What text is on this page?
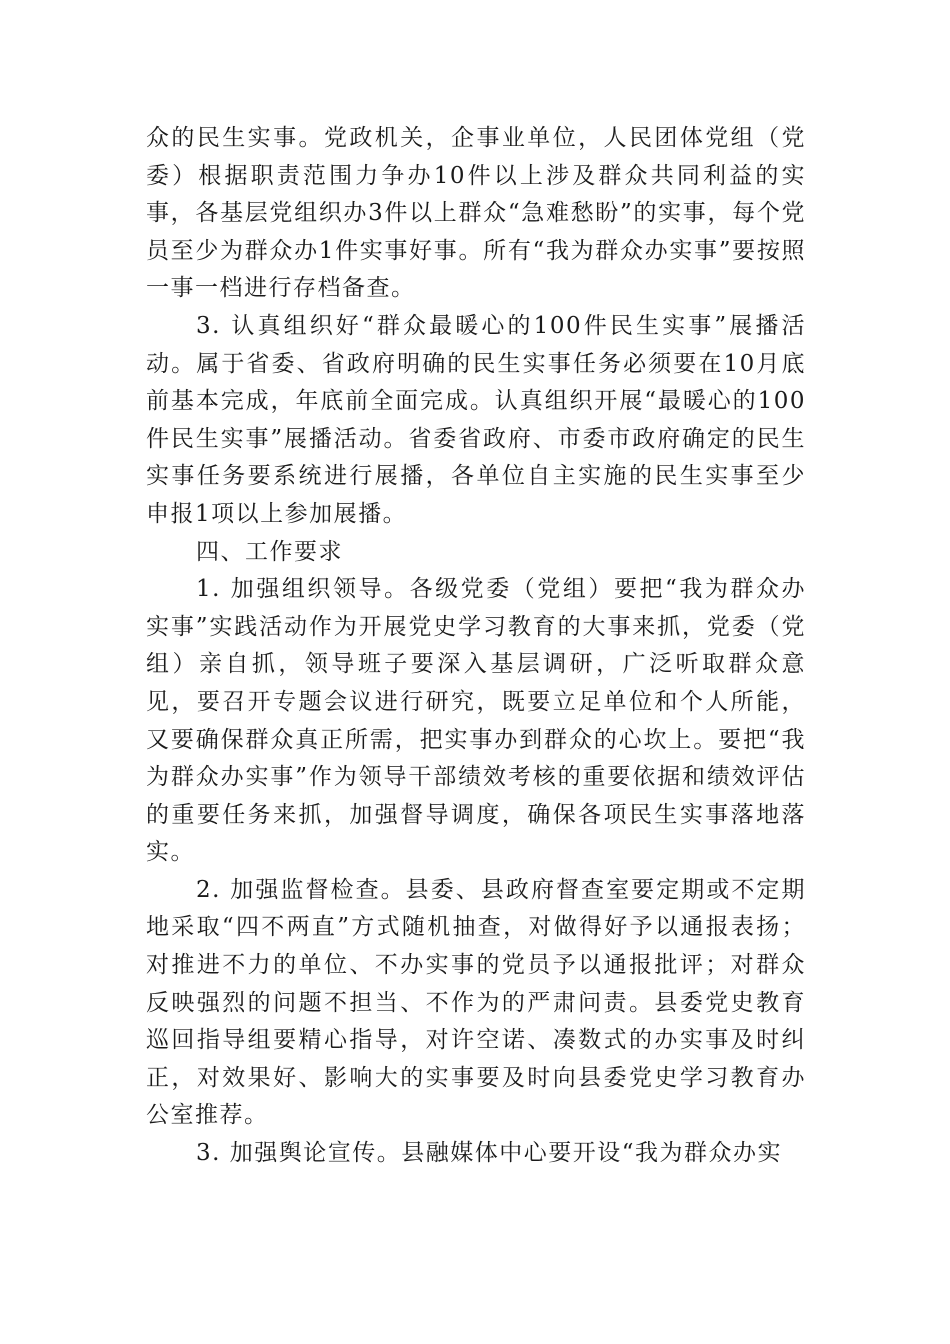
众的民生实事。党政机关，企事业单位，人民团体党组（党委）根据职责范围力争办10件以上涉及群众共同利益的实事，各基层党组织办3件以上群众“急难愁盼”的实事，每个党员至少为群众办1件实事好事。所有“我为群众办实事”要按照一事一档进行存档备查。

3. 认真组织好“群众最暖心的100件民生实事”展播活动。属于省委、省政府明确的民生实事任务必须要在10月底前基本完成，年底前全面完成。认真组织开展“最暖心的100件民生实事”展播活动。省委省政府、市委市政府确定的民生实事任务要系统进行展播，各单位自主实施的民生实事至少申报1项以上参加展播。

四、工作要求

1. 加强组织领导。各级党委（党组）要把“我为群众办实事”实践活动作为开展党史学习教育的大事来抓，党委（党组）亲自抓，领导班子要深入基层调研，广泛听取群众意见，要召开专题会议进行研究，既要立足单位和个人所能，又要确保群众真正所需，把实事办到群众的心坎上。要把“我为群众办实事”作为领导干部绩效考核的重要依据和绩效评估的重要任务来抓，加强督导调度，确保各项民生实事落地落实。

2. 加强监督检查。县委、县政府督查室要定期或不定期地采取“四不两直”方式随机抽查，对做得好予以通报表扬；对推进不力的单位、不办实事的党员予以通报批评；对群众反映强烈的问题不担当、不作为的严肃问责。县委党史教育巡回指导组要精心指导，对许空诺、凑数式的办实事及时纠正，对效果好、影响大的实事要及时向县委党史学习教育办公室推荐。

3. 加强舆论宣传。县融媒体中心要开设“我为群众办实
